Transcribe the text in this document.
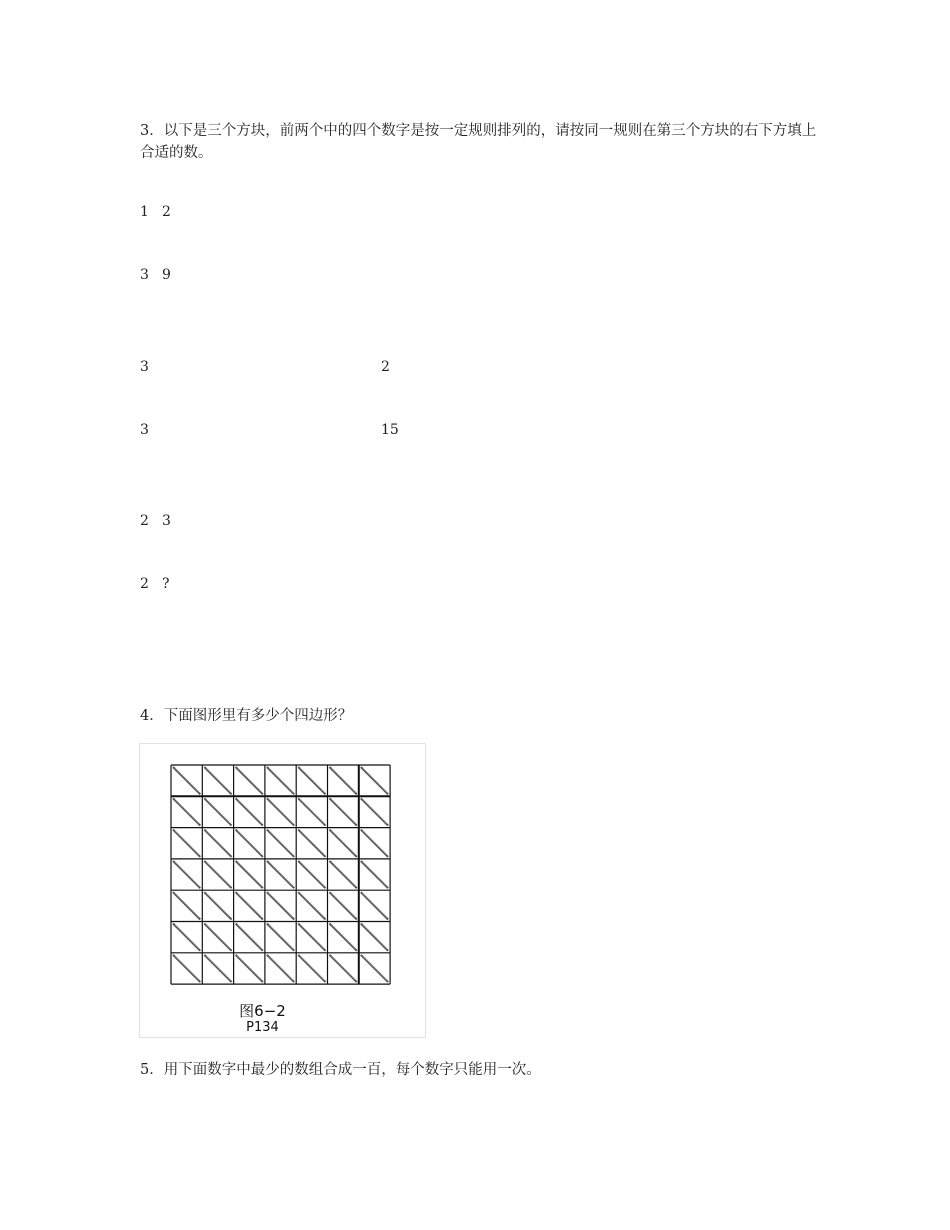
3．以下是三个方块，前两个中的四个数字是按一定规则排列的，请按同一规则在第三个方块的右下方填上合适的数。
1 2
3 9
3	2
3	15
2 3
2 ?
4．下面图形里有多少个四边形？
图6−2
P134
5．用下面数字中最少的数组合成一百，每个数字只能用一次。
